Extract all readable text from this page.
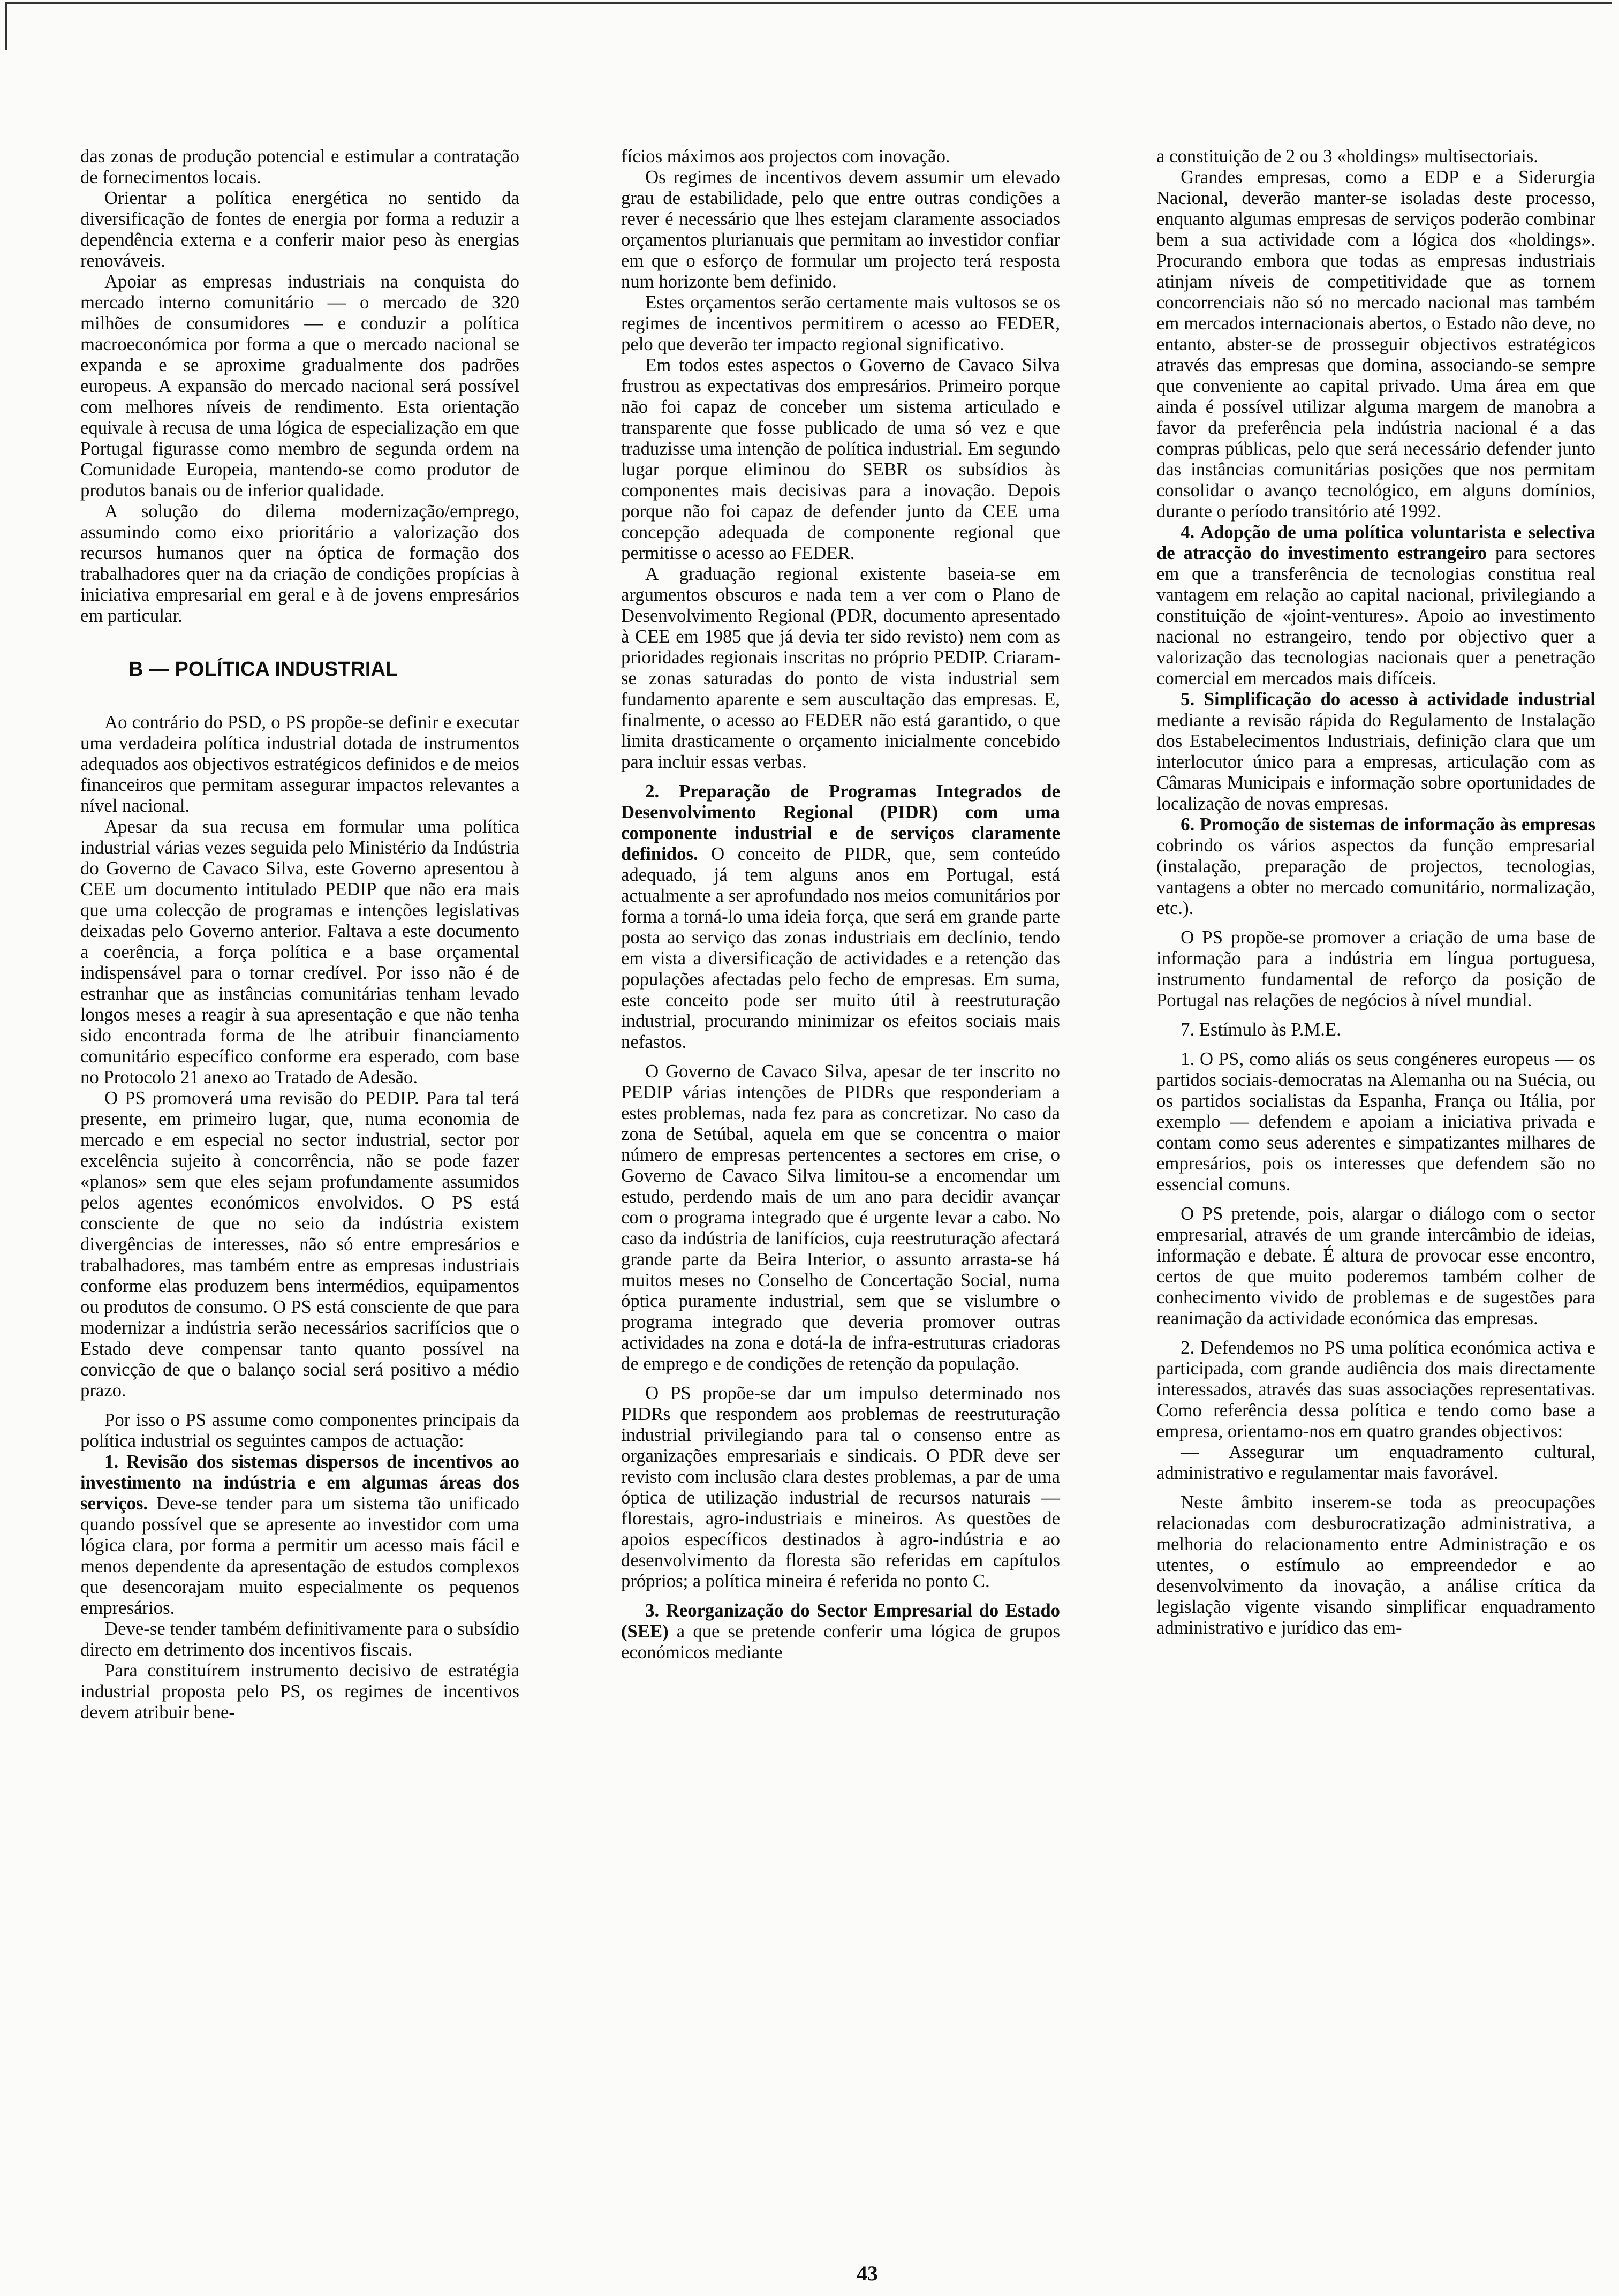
das zonas de produção potencial e estimular a contratação de fornecimentos locais.

Orientar a política energética no sentido da diversificação de fontes de energia por forma a reduzir a dependência externa e a conferir maior peso às energias renováveis.

Apoiar as empresas industriais na conquista do mercado interno comunitário — o mercado de 320 milhões de consumidores — e conduzir a política macroeconómica por forma a que o mercado nacional se expanda e se aproxime gradualmente dos padrões europeus. A expansão do mercado nacional será possível com melhores níveis de rendimento. Esta orientação equivale à recusa de uma lógica de especialização em que Portugal figurasse como membro de segunda ordem na Comunidade Europeia, mantendo-se como produtor de produtos banais ou de inferior qualidade.

A solução do dilema modernização/emprego, assumindo como eixo prioritário a valorização dos recursos humanos quer na óptica de formação dos trabalhadores quer na da criação de condições propícias à iniciativa empresarial em geral e à de jovens empresários em particular.

B — POLÍTICA INDUSTRIAL

Ao contrário do PSD, o PS propõe-se definir e executar uma verdadeira política industrial dotada de instrumentos adequados aos objectivos estratégicos definidos e de meios financeiros que permitam assegurar impactos relevantes a nível nacional.

Apesar da sua recusa em formular uma política industrial várias vezes seguida pelo Ministério da Indústria do Governo de Cavaco Silva, este Governo apresentou à CEE um documento intitulado PEDIP que não era mais que uma colecção de programas e intenções legislativas deixadas pelo Governo anterior. Faltava a este documento a coerência, a força política e a base orçamental indispensável para o tornar credível. Por isso não é de estranhar que as instâncias comunitárias tenham levado longos meses a reagir à sua apresentação e que não tenha sido encontrada forma de lhe atribuir financiamento comunitário específico conforme era esperado, com base no Protocolo 21 anexo ao Tratado de Adesão.

O PS promoverá uma revisão do PEDIP. Para tal terá presente, em primeiro lugar, que, numa economia de mercado e em especial no sector industrial, sector por excelência sujeito à concorrência, não se pode fazer «planos» sem que eles sejam profundamente assumidos pelos agentes económicos envolvidos. O PS está consciente de que no seio da indústria existem divergências de interesses, não só entre empresários e trabalhadores, mas também entre as empresas industriais conforme elas produzem bens intermédios, equipamentos ou produtos de consumo. O PS está consciente de que para modernizar a indústria serão necessários sacrifícios que o Estado deve compensar tanto quanto possível na convicção de que o balanço social será positivo a médio prazo.

Por isso o PS assume como componentes principais da política industrial os seguintes campos de actuação:

1. Revisão dos sistemas dispersos de incentivos ao investimento na indústria e em algumas áreas dos serviços. Deve-se tender para um sistema tão unificado quando possível que se apresente ao investidor com uma lógica clara, por forma a permitir um acesso mais fácil e menos dependente da apresentação de estudos complexos que desencorajam muito especialmente os pequenos empresários.

Deve-se tender também definitivamente para o subsídio directo em detrimento dos incentivos fiscais.

Para constituírem instrumento decisivo de estratégia industrial proposta pelo PS, os regimes de incentivos devem atribuir bene-

fícios máximos aos projectos com inovação.

Os regimes de incentivos devem assumir um elevado grau de estabilidade, pelo que entre outras condições a rever é necessário que lhes estejam claramente associados orçamentos plurianuais que permitam ao investidor confiar em que o esforço de formular um projecto terá resposta num horizonte bem definido.

Estes orçamentos serão certamente mais vultosos se os regimes de incentivos permitirem o acesso ao FEDER, pelo que deverão ter impacto regional significativo.

Em todos estes aspectos o Governo de Cavaco Silva frustrou as expectativas dos empresários. Primeiro porque não foi capaz de conceber um sistema articulado e transparente que fosse publicado de uma só vez e que traduzisse uma intenção de política industrial. Em segundo lugar porque eliminou do SEBR os subsídios às componentes mais decisivas para a inovação. Depois porque não foi capaz de defender junto da CEE uma concepção adequada de componente regional que permitisse o acesso ao FEDER.

A graduação regional existente baseia-se em argumentos obscuros e nada tem a ver com o Plano de Desenvolvimento Regional (PDR, documento apresentado à CEE em 1985 que já devia ter sido revisto) nem com as prioridades regionais inscritas no próprio PEDIP. Criaram-se zonas saturadas do ponto de vista industrial sem fundamento aparente e sem auscultação das empresas. E, finalmente, o acesso ao FEDER não está garantido, o que limita drasticamente o orçamento inicialmente concebido para incluir essas verbas.

2. Preparação de Programas Integrados de Desenvolvimento Regional (PIDR) com uma componente industrial e de serviços claramente definidos. O conceito de PIDR, que, sem conteúdo adequado, já tem alguns anos em Portugal, está actualmente a ser aprofundado nos meios comunitários por forma a torná-lo uma ideia força, que será em grande parte posta ao serviço das zonas industriais em declínio, tendo em vista a diversificação de actividades e a retenção das populações afectadas pelo fecho de empresas. Em suma, este conceito pode ser muito útil à reestruturação industrial, procurando minimizar os efeitos sociais mais nefastos.

O Governo de Cavaco Silva, apesar de ter inscrito no PEDIP várias intenções de PIDRs que responderiam a estes problemas, nada fez para as concretizar. No caso da zona de Setúbal, aquela em que se concentra o maior número de empresas pertencentes a sectores em crise, o Governo de Cavaco Silva limitou-se a encomendar um estudo, perdendo mais de um ano para decidir avançar com o programa integrado que é urgente levar a cabo. No caso da indústria de lanifícios, cuja reestruturação afectará grande parte da Beira Interior, o assunto arrasta-se há muitos meses no Conselho de Concertação Social, numa óptica puramente industrial, sem que se vislumbre o programa integrado que deveria promover outras actividades na zona e dotá-la de infra-estruturas criadoras de emprego e de condições de retenção da população.

O PS propõe-se dar um impulso determinado nos PIDRs que respondem aos problemas de reestruturação industrial privilegiando para tal o consenso entre as organizações empresariais e sindicais. O PDR deve ser revisto com inclusão clara destes problemas, a par de uma óptica de utilização industrial de recursos naturais — florestais, agro-industriais e mineiros. As questões de apoios específicos destinados à agro-indústria e ao desenvolvimento da floresta são referidas em capítulos próprios; a política mineira é referida no ponto C.

3. Reorganização do Sector Empresarial do Estado (SEE) a que se pretende conferir uma lógica de grupos económicos mediante

a constituição de 2 ou 3 «holdings» multisectoriais.

Grandes empresas, como a EDP e a Siderurgia Nacional, deverão manter-se isoladas deste processo, enquanto algumas empresas de serviços poderão combinar bem a sua actividade com a lógica dos «holdings». Procurando embora que todas as empresas industriais atinjam níveis de competitividade que as tornem concorrenciais não só no mercado nacional mas também em mercados internacionais abertos, o Estado não deve, no entanto, abster-se de prosseguir objectivos estratégicos através das empresas que domina, associando-se sempre que conveniente ao capital privado. Uma área em que ainda é possível utilizar alguma margem de manobra a favor da preferência pela indústria nacional é a das compras públicas, pelo que será necessário defender junto das instâncias comunitárias posições que nos permitam consolidar o avanço tecnológico, em alguns domínios, durante o período transitório até 1992.

4. Adopção de uma política voluntarista e selectiva de atracção do investimento estrangeiro para sectores em que a transferência de tecnologias constitua real vantagem em relação ao capital nacional, privilegiando a constituição de «joint-ventures». Apoio ao investimento nacional no estrangeiro, tendo por objectivo quer a valorização das tecnologias nacionais quer a penetração comercial em mercados mais difíceis.

5. Simplificação do acesso à actividade industrial mediante a revisão rápida do Regulamento de Instalação dos Estabelecimentos Industriais, definição clara que um interlocutor único para a empresas, articulação com as Câmaras Municipais e informação sobre oportunidades de localização de novas empresas.

6. Promoção de sistemas de informação às empresas cobrindo os vários aspectos da função empresarial (instalação, preparação de projectos, tecnologias, vantagens a obter no mercado comunitário, normalização, etc.).

O PS propõe-se promover a criação de uma base de informação para a indústria em língua portuguesa, instrumento fundamental de reforço da posição de Portugal nas relações de negócios à nível mundial.

7. Estímulo às P.M.E.

1. O PS, como aliás os seus congéneres europeus — os partidos sociais-democratas na Alemanha ou na Suécia, ou os partidos socialistas da Espanha, França ou Itália, por exemplo — defendem e apoiam a iniciativa privada e contam como seus aderentes e simpatizantes milhares de empresários, pois os interesses que defendem são no essencial comuns.

O PS pretende, pois, alargar o diálogo com o sector empresarial, através de um grande intercâmbio de ideias, informação e debate. É altura de provocar esse encontro, certos de que muito poderemos também colher de conhecimento vivido de problemas e de sugestões para reanimação da actividade económica das empresas.

2. Defendemos no PS uma política económica activa e participada, com grande audiência dos mais directamente interessados, através das suas associações representativas. Como referência dessa política e tendo como base a empresa, orientamo-nos em quatro grandes objectivos:

— Assegurar um enquadramento cultural, administrativo e regulamentar mais favorável.

Neste âmbito inserem-se toda as preocupações relacionadas com desburocratização administrativa, a melhoria do relacionamento entre Administração e os utentes, o estímulo ao empreendedor e ao desenvolvimento da inovação, a análise crítica da legislação vigente visando simplificar enquadramento administrativo e jurídico das em-

43
